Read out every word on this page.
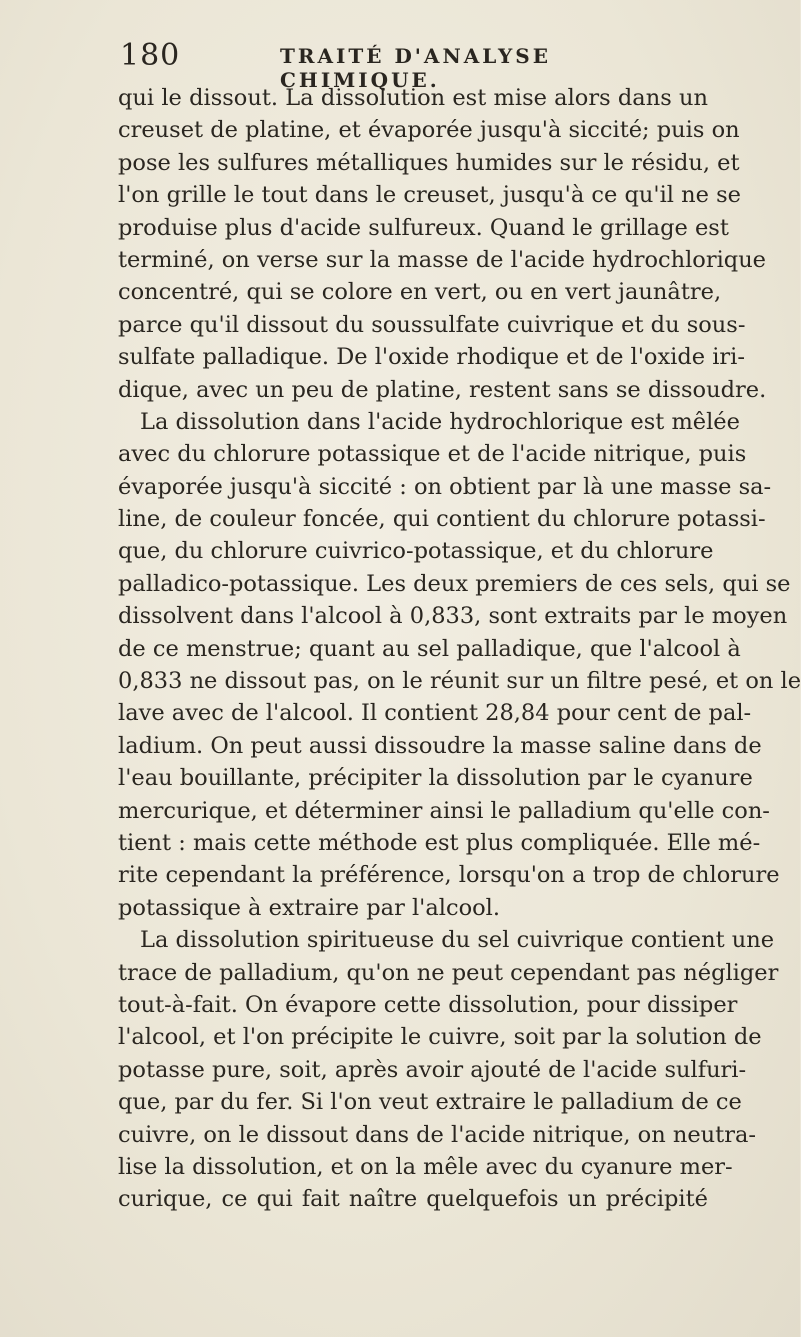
180	TRAITÉ D'ANALYSE CHIMIQUE.
qui le dissout. La dissolution est mise alors dans un
creuset de platine, et évaporée jusqu'à siccité; puis on
pose les sulfures métalliques humides sur le résidu, et
l'on grille le tout dans le creuset, jusqu'à ce qu'il ne se
produise plus d'acide sulfureux. Quand le grillage est
terminé, on verse sur la masse de l'acide hydrochlorique
concentré, qui se colore en vert, ou en vert jaunâtre,
parce qu'il dissout du soussulfate cuivrique et du sous-
sulfate palladique. De l'oxide rhodique et de l'oxide iri-
dique, avec un peu de platine, restent sans se dissoudre.
La dissolution dans l'acide hydrochlorique est mêlée
avec du chlorure potassique et de l'acide nitrique, puis
évaporée jusqu'à siccité : on obtient par là une masse sa-
line, de couleur foncée, qui contient du chlorure potassi-
que, du chlorure cuivrico-potassique, et du chlorure
palladico-potassique. Les deux premiers de ces sels, qui se
dissolvent dans l'alcool à 0,833, sont extraits par le moyen
de ce menstrue; quant au sel palladique, que l'alcool à
0,833 ne dissout pas, on le réunit sur un filtre pesé, et on le
lave avec de l'alcool. Il contient 28,84 pour cent de pal-
ladium. On peut aussi dissoudre la masse saline dans de
l'eau bouillante, précipiter la dissolution par le cyanure
mercurique, et déterminer ainsi le palladium qu'elle con-
tient : mais cette méthode est plus compliquée. Elle mé-
rite cependant la préférence, lorsqu'on a trop de chlorure
potassique à extraire par l'alcool.
La dissolution spiritueuse du sel cuivrique contient une
trace de palladium, qu'on ne peut cependant pas négliger
tout-à-fait. On évapore cette dissolution, pour dissiper
l'alcool, et l'on précipite le cuivre, soit par la solution de
potasse pure, soit, après avoir ajouté de l'acide sulfuri-
que, par du fer. Si l'on veut extraire le palladium de ce
cuivre, on le dissout dans de l'acide nitrique, on neutra-
lise la dissolution, et on la mêle avec du cyanure mer-
curique, ce qui fait naître quelquefois un précipité
